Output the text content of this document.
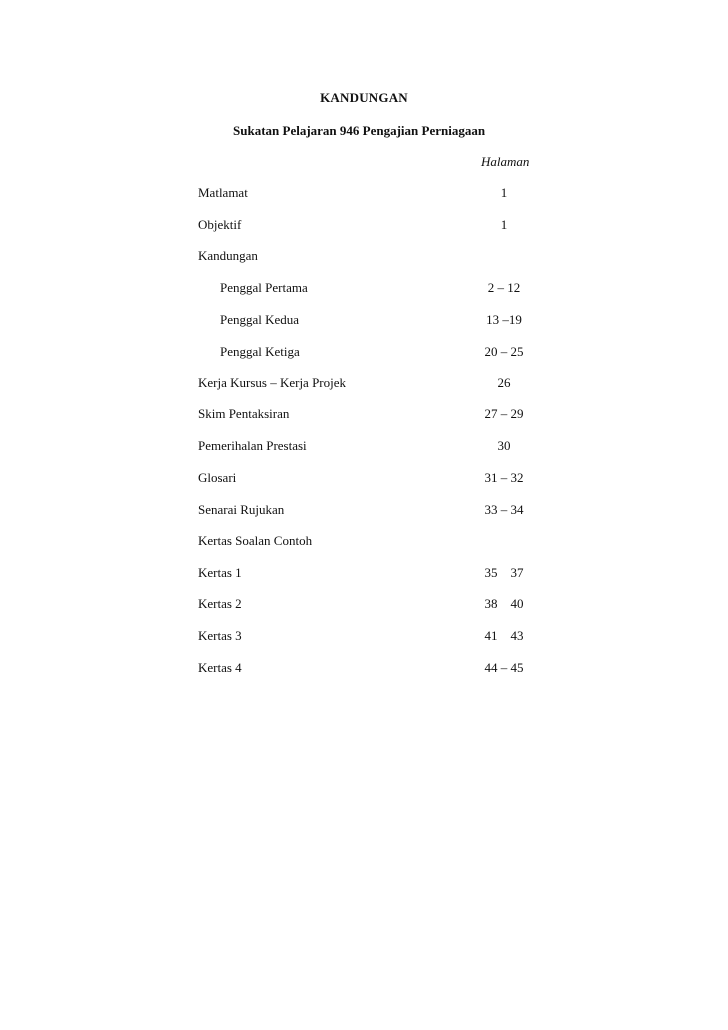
KANDUNGAN
Sukatan Pelajaran 946 Pengajian Perniagaan
Halaman
Matlamat	1
Objektif	1
Kandungan
Penggal Pertama	2 – 12
Penggal Kedua	13 –19
Penggal Ketiga	20 – 25
Kerja Kursus – Kerja Projek	26
Skim Pentaksiran	27 – 29
Pemerihalan Prestasi	30
Glosari	31 – 32
Senarai Rujukan	33 – 34
Kertas Soalan Contoh
Kertas 1	35    37
Kertas 2	38    40
Kertas 3	41    43
Kertas 4	44 – 45
